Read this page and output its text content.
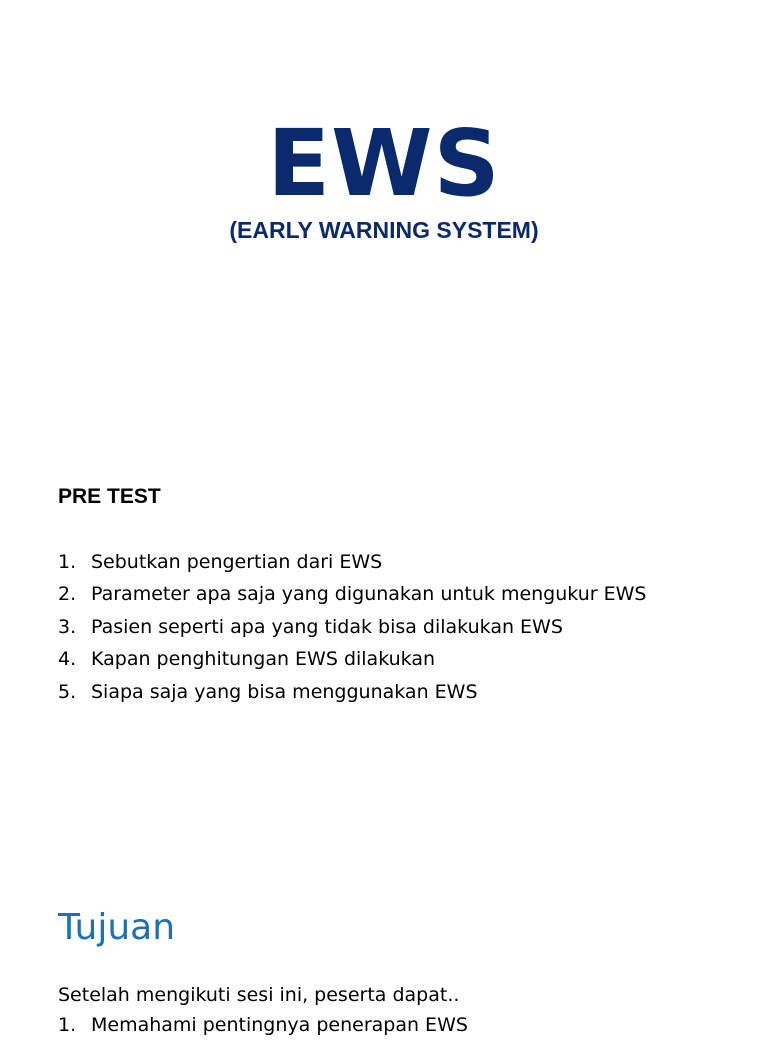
EWS
(EARLY WARNING SYSTEM)
PRE TEST
1. Sebutkan pengertian dari EWS
2. Parameter apa saja yang digunakan untuk mengukur EWS
3. Pasien seperti apa yang tidak bisa dilakukan EWS
4. Kapan penghitungan EWS dilakukan
5. Siapa saja yang bisa menggunakan EWS
Tujuan

Setelah mengikuti sesi ini, peserta dapat..

1. Memahami pentingnya penerapan EWS
